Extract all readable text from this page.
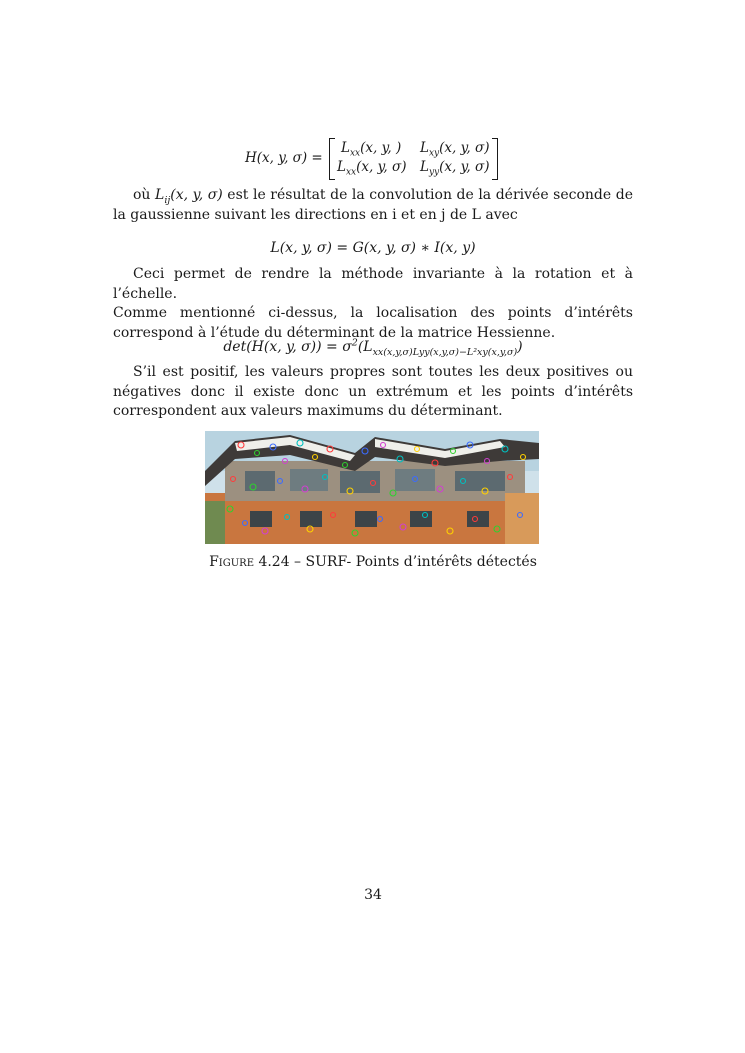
H(x, y, σ) =
$L_{xx}(x$, y, ) $L_{xy}(x$, y, σ)
$L_{xx}(x$, y, σ) $L_{yy}(x$, y, σ)

où $L_{ij}(x$, y, σ) est le résultat de la convolution de la dérivée seconde de la gaussienne suivant les directions en i et en j de L avec

L(x, y, σ) = G(x, y, σ) ∗ I(x, y)

Ceci permet de rendre la méthode invariante à la rotation et à l’échelle.

Comme mentionné ci-dessus, la localisation des points d’intérêts correspond à l’étude du déterminant de la matrice Hessienne.

det(H(x, y, $\sigma)) = \sigma^2(L_{xx(x,y,\sigma)Lyy(x,y,\sigma)-L^2xy(x,y,\sigma)})$

S’il est positif, les valeurs propres sont toutes les deux positives ou négatives donc il existe donc un extrémum et les points d’intérêts correspondent aux valeurs maximums du déterminant.

Figure 4.24 – SURF- Points d’intérêts détectés
34
